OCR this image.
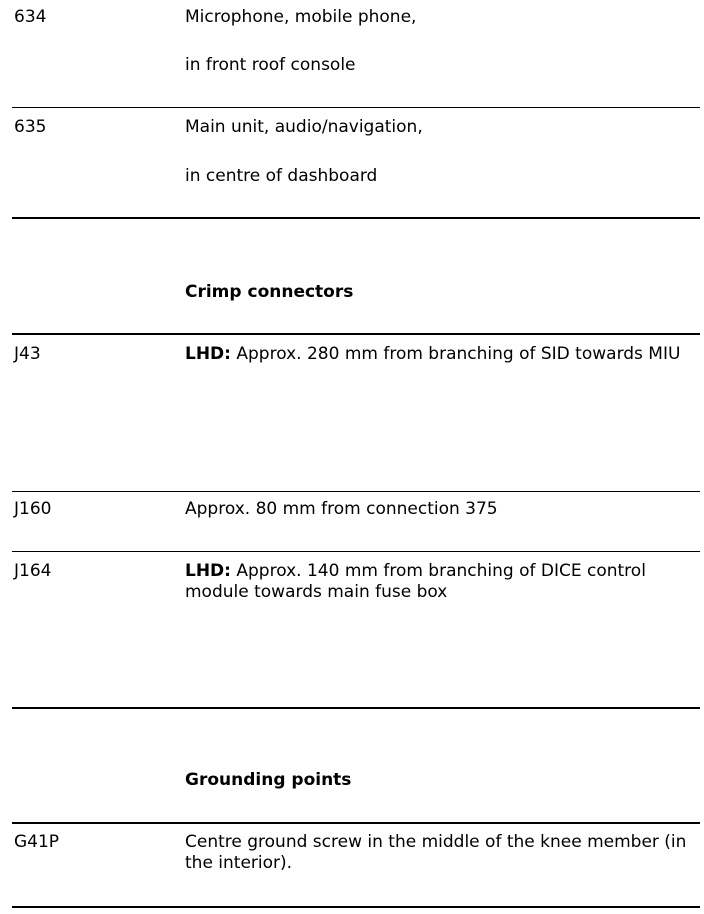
634	Microphone, mobile phone,
in front roof console
635	Main unit, audio/navigation,
in centre of dashboard
Crimp connectors
J43	LHD: Approx. 280 mm from branching of SID towards MIU
J160	Approx. 80 mm from connection 375
J164	LHD: Approx. 140 mm from branching of DICE control module towards main fuse box
Grounding points
G41P	Centre ground screw in the middle of the knee member (in the interior).
